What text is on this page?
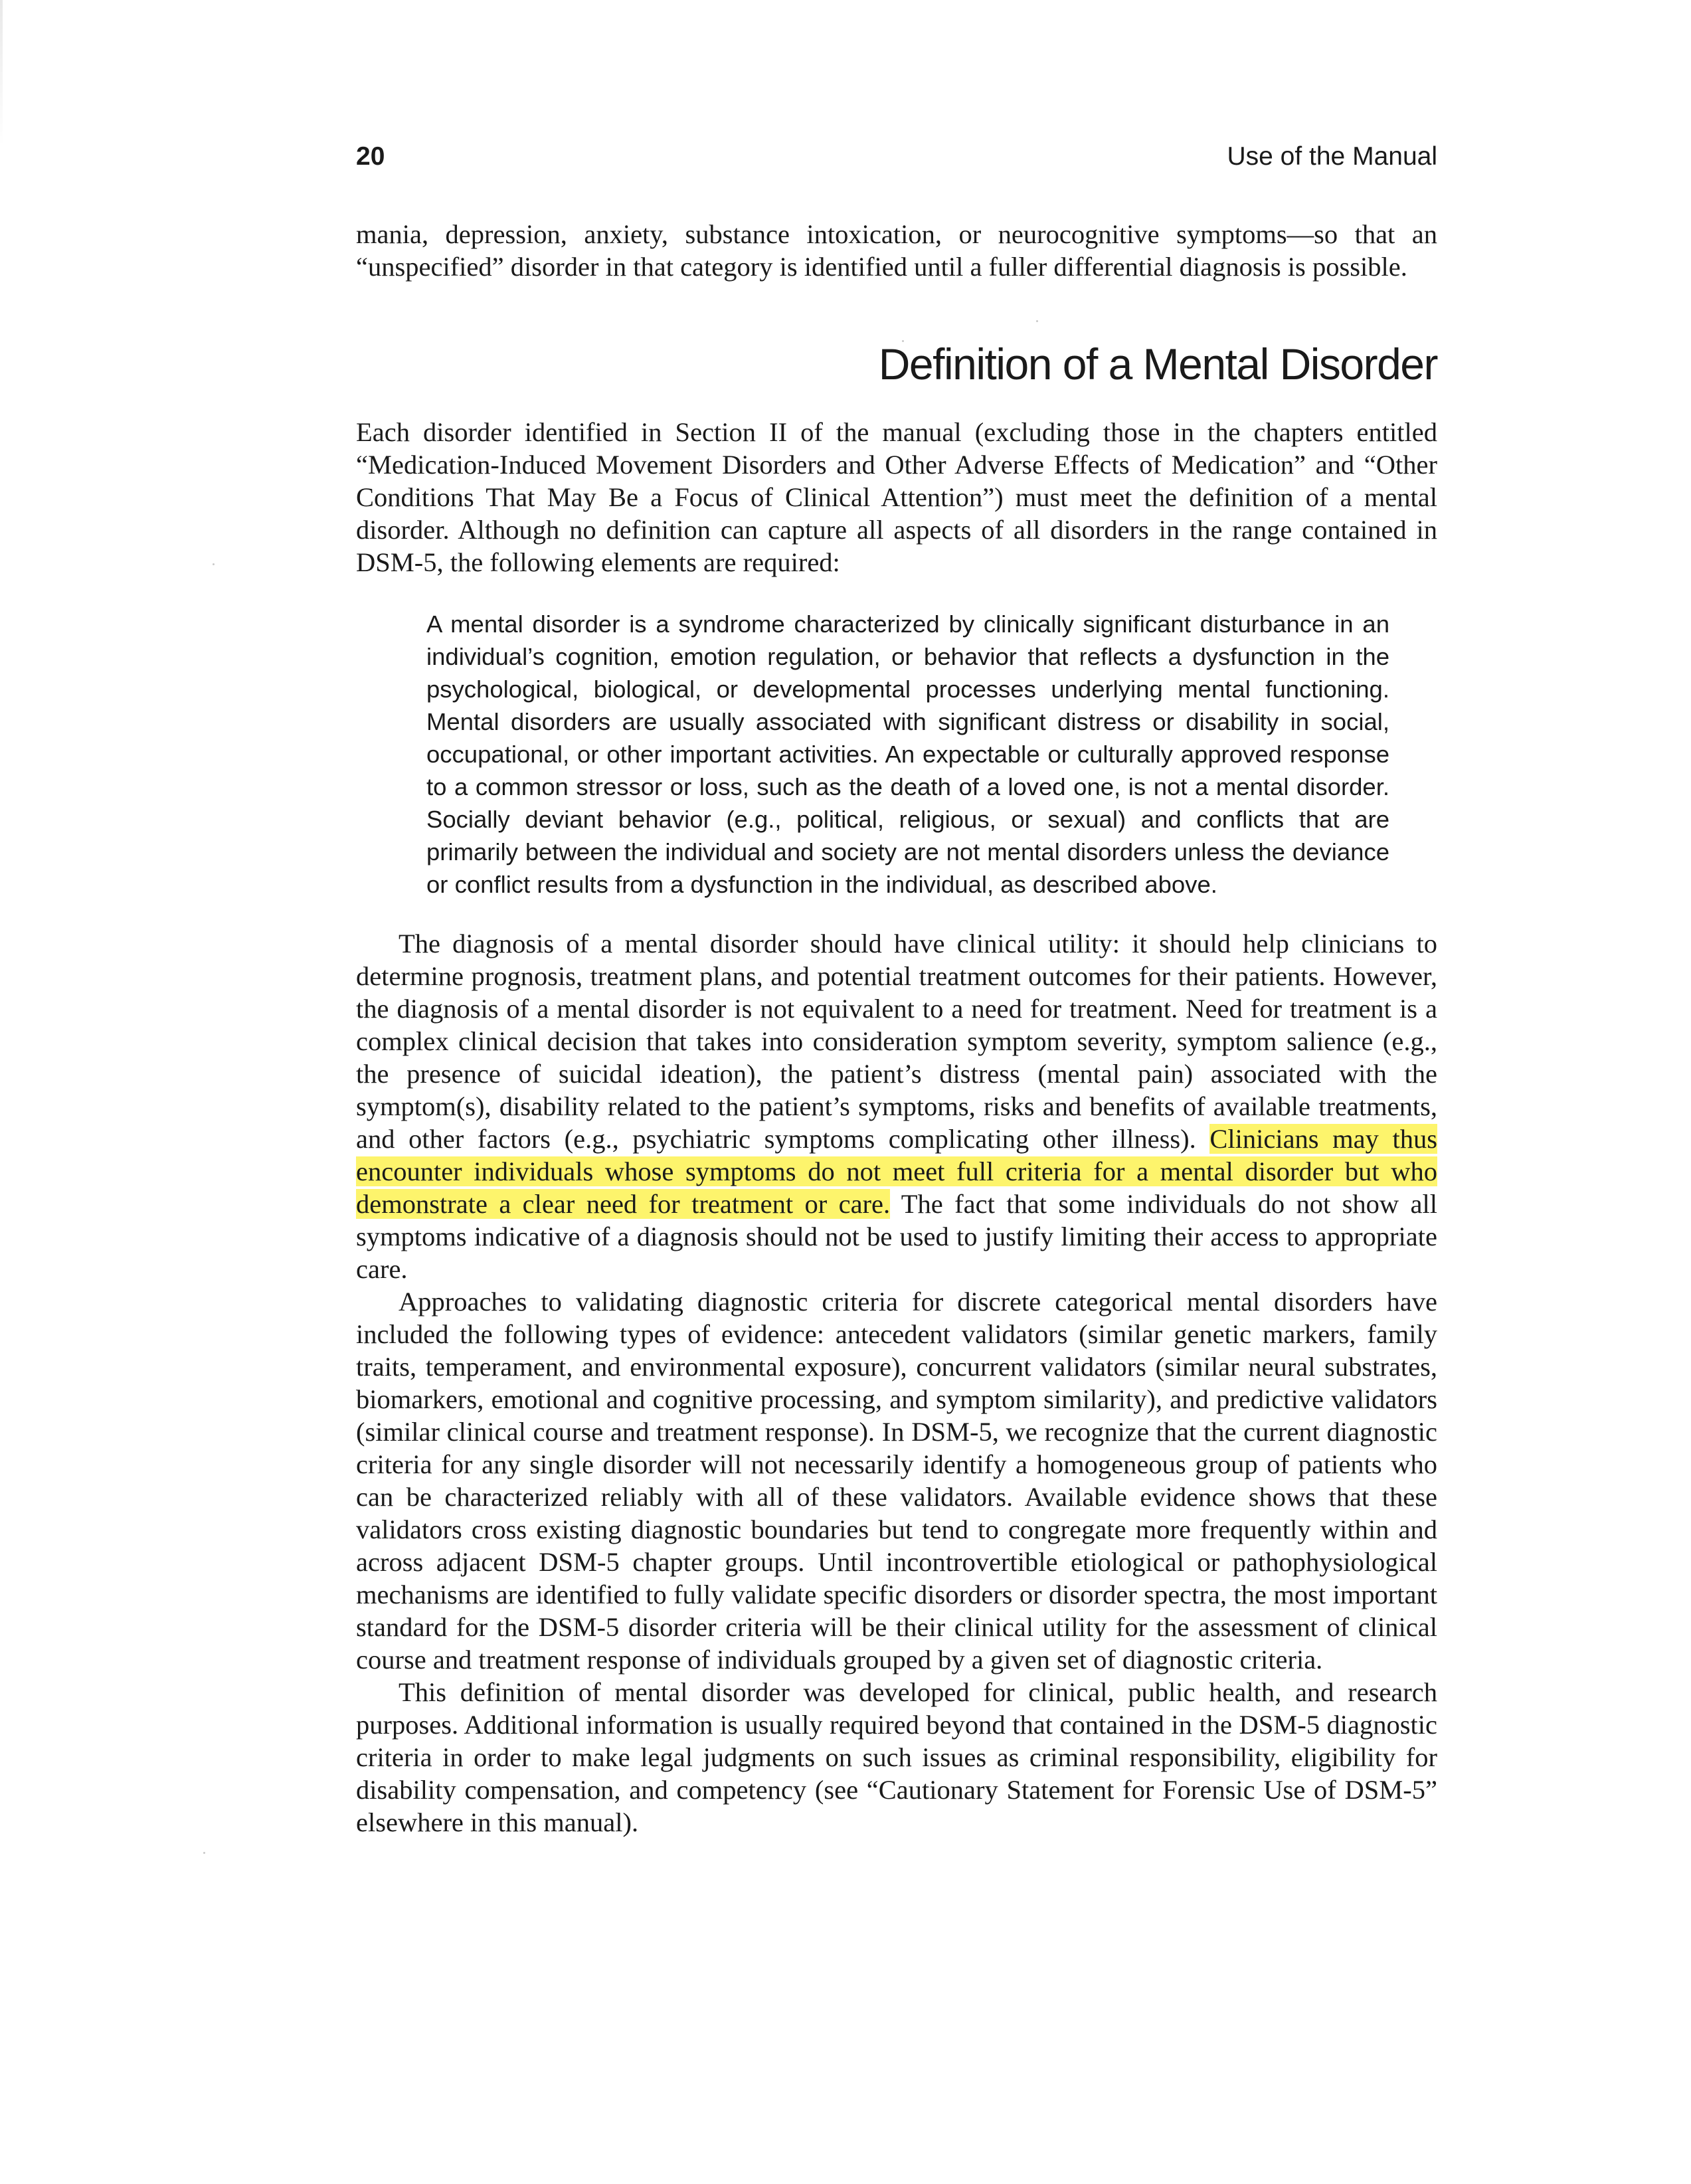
20	Use of the Manual

mania, depression, anxiety, substance intoxication, or neurocognitive symptoms—so that an “unspecified” disorder in that category is identified until a fuller differential diagnosis is possible.

Definition of a Mental Disorder

Each disorder identified in Section II of the manual (excluding those in the chapters entitled “Medication-Induced Movement Disorders and Other Adverse Effects of Medication” and “Other Conditions That May Be a Focus of Clinical Attention”) must meet the definition of a mental disorder. Although no definition can capture all aspects of all disorders in the range contained in DSM-5, the following elements are required:

A mental disorder is a syndrome characterized by clinically significant disturbance in an individual’s cognition, emotion regulation, or behavior that reflects a dysfunction in the psychological, biological, or developmental processes underlying mental functioning. Mental disorders are usually associated with significant distress or disability in social, occupational, or other important activities. An expectable or culturally approved response to a common stressor or loss, such as the death of a loved one, is not a mental disorder. Socially deviant behavior (e.g., political, religious, or sexual) and conflicts that are primarily between the individual and society are not mental disorders unless the deviance or conflict results from a dysfunction in the individual, as described above.

The diagnosis of a mental disorder should have clinical utility: it should help clinicians to determine prognosis, treatment plans, and potential treatment outcomes for their patients. However, the diagnosis of a mental disorder is not equivalent to a need for treatment. Need for treatment is a complex clinical decision that takes into consideration symptom severity, symptom salience (e.g., the presence of suicidal ideation), the patient’s distress (mental pain) associated with the symptom(s), disability related to the patient’s symptoms, risks and benefits of available treatments, and other factors (e.g., psychiatric symptoms complicating other illness). Clinicians may thus encounter individuals whose symptoms do not meet full criteria for a mental disorder but who demonstrate a clear need for treatment or care. The fact that some individuals do not show all symptoms indicative of a diagnosis should not be used to justify limiting their access to appropriate care.

Approaches to validating diagnostic criteria for discrete categorical mental disorders have included the following types of evidence: antecedent validators (similar genetic markers, family traits, temperament, and environmental exposure), concurrent validators (similar neural substrates, biomarkers, emotional and cognitive processing, and symptom similarity), and predictive validators (similar clinical course and treatment response). In DSM-5, we recognize that the current diagnostic criteria for any single disorder will not necessarily identify a homogeneous group of patients who can be characterized reliably with all of these validators. Available evidence shows that these validators cross existing diagnostic boundaries but tend to congregate more frequently within and across adjacent DSM-5 chapter groups. Until incontrovertible etiological or pathophysiological mechanisms are identified to fully validate specific disorders or disorder spectra, the most important standard for the DSM-5 disorder criteria will be their clinical utility for the assessment of clinical course and treatment response of individuals grouped by a given set of diagnostic criteria.

This definition of mental disorder was developed for clinical, public health, and research purposes. Additional information is usually required beyond that contained in the DSM-5 diagnostic criteria in order to make legal judgments on such issues as criminal responsibility, eligibility for disability compensation, and competency (see “Cautionary Statement for Forensic Use of DSM-5” elsewhere in this manual).
